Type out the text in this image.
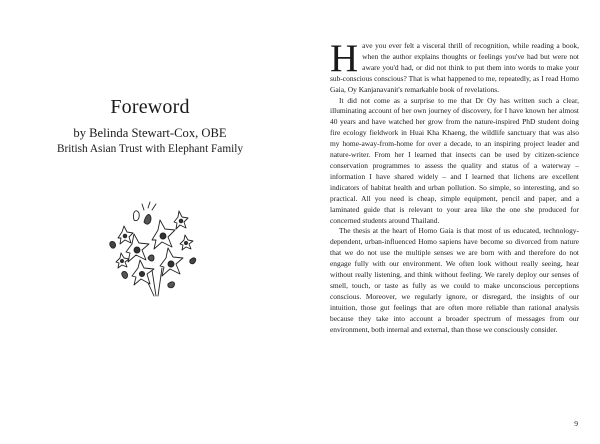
Foreword

by Belinda Stewart-Cox, OBE

British Asian Trust with Elephant Family

Have you ever felt a visceral thrill of recognition, while reading a book, when the author explains thoughts or feelings you've had but were not aware you'd had, or did not think to put them into words to make your sub-conscious conscious? That is what happened to me, repeatedly, as I read Homo Gaia, Oy Kanjanavanit's remarkable book of revelations.

It did not come as a surprise to me that Dr Oy has written such a clear, illuminating account of her own journey of discovery, for I have known her almost 40 years and have watched her grow from the nature-inspired PhD student doing fire ecology fieldwork in Huai Kha Khaeng, the wildlife sanctuary that was also my home-away-from-home for over a decade, to an inspiring project leader and nature-writer. From her I learned that insects can be used by citizen-science conservation programmes to assess the quality and status of a waterway – information I have shared widely – and I learned that lichens are excellent indicators of habitat health and urban pollution. So simple, so interesting, and so practical. All you need is cheap, simple equipment, pencil and paper, and a laminated guide that is relevant to your area like the one she produced for concerned students around Thailand.

The thesis at the heart of Homo Gaia is that most of us educated, technology-dependent, urban-influenced Homo sapiens have become so divorced from nature that we do not use the multiple senses we are born with and therefore do not engage fully with our environment. We often look without really seeing, hear without really listening, and think without feeling. We rarely deploy our senses of smell, touch, or taste as fully as we could to make unconscious perceptions conscious. Moreover, we regularly ignore, or disregard, the insights of our intuition, those gut feelings that are often more reliable than rational analysis because they take into account a broader spectrum of messages from our environment, both internal and external, than those we consciously consider.

9
